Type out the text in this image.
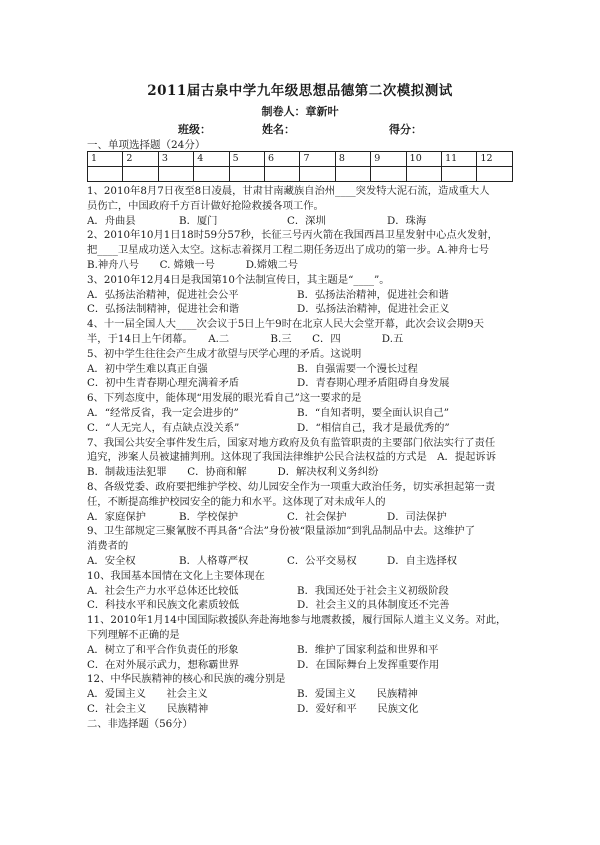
2011届古泉中学九年级思想品德第二次模拟测试
制卷人：章新叶
班级：	姓名：	得分：
一、单项选择题（24分）
1	2	3	4	5	6	7	8	9	10	11	12

1、2010年8月7日夜至8日凌晨，甘肃甘南藏族自治州____突发特大泥石流，造成重大人
员伤亡，中国政府千方百计做好抢险救援各项工作。
A．舟曲县	B．厦门	C．深圳	D．珠海
2、2010年10月1日18时59分57秒，长征三号丙火箭在我国西昌卫星发射中心点火发射，
把____卫星成功送入太空。这标志着探月工程二期任务迈出了成功的第一步。A.神舟七号
B.神舟八号　　C. 嫦娥一号　　　D.嫦娥二号
3、2010年12月4日是我国第10个法制宣传日，其主题是“____”。
A．弘扬法治精神，促进社会公平	B．弘扬法治精神，促进社会和谐
C．弘扬法制精神，促进社会和谐	D．弘扬法治精神，促进社会正义
4、十一届全国人大____次会议于5日上午9时在北京人民大会堂开幕，此次会议会期9天
半，于14日上午闭幕。　　A.二　　　　B.三　　C．四　　　　D.五
5、初中学生往往会产生成才欲望与厌学心理的矛盾。这说明
A．初中学生难以真正自强	B．自强需要一个漫长过程
C．初中生青春期心理充满着矛盾	D．青春期心理矛盾阻碍自身发展
6、下列态度中，能体现“用发展的眼光看自己”这一要求的是
A．“经常反省，我一定会进步的”	B．“自知者明，要全面认识自己”
C．“人无完人，有点缺点没关系”	D．“相信自己，我才是最优秀的”
7、我国公共安全事件发生后，国家对地方政府及负有监管职责的主要部门依法实行了责任
追究，涉案人员被逮捕判刑。这体现了我国法律维护公民合法权益的方式是　A．提起诉诉
B．制裁违法犯罪　　C．协商和解　　　D．解决权利义务纠纷
8、各级党委、政府要把维护学校、幼儿园安全作为一项重大政治任务，切实承担起第一责
任，不断提高维护校园安全的能力和水平。这体现了对未成年人的
A．家庭保护	B．学校保护	C．社会保护	D．司法保护
9、卫生部规定三聚氰胺不再具备“合法”身份被“限量添加”到乳品制品中去。这维护了
消费者的
A．安全权	B．人格尊严权	C．公平交易权	D．自主选择权
10、我国基本国情在文化上主要体现在
A．社会生产力水平总体还比较低	B．我国还处于社会主义初级阶段
C．科技水平和民族文化素质较低	D．社会主义的具体制度还不完善
11、2010年1月14中国国际救援队奔赴海地参与地震救援，履行国际人道主义义务。对此，
下列理解不正确的是
A．树立了和平合作负责任的形象	B．维护了国家利益和世界和平
C．在对外展示武力，想称霸世界	D．在国际舞台上发挥重要作用
12、中华民族精神的核心和民族的魂分别是
A．爱国主义　　社会主义	B．爱国主义　　民族精神
C．社会主义　　民族精神	D．爱好和平　　民族文化
二、非选择题（56分）
